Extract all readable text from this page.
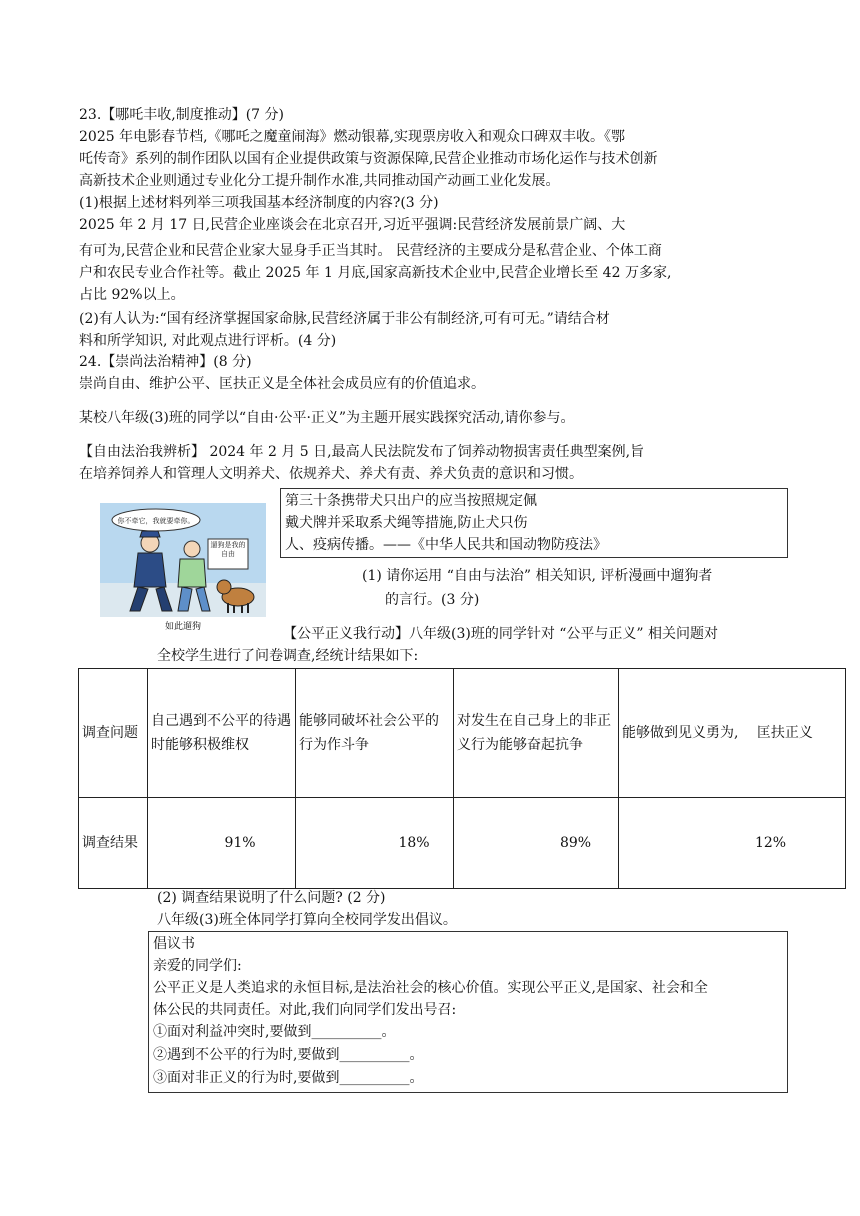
23.【哪吒丰收,制度推动】(7 分)
2025 年电影春节档,《哪吒之魔童闹海》燃动银幕,实现票房收入和观众口碑双丰收。《鄂
吒传奇》系列的制作团队以国有企业提供政策与资源保障,民营企业推动市场化运作与技术创新
高新技术企业则通过专业化分工提升制作水准,共同推动国产动画工业化发展。
(1)根据上述材料列举三项我国基本经济制度的内容?(3 分)
2025 年 2 月 17 日,民营企业座谈会在北京召开,习近平强调:民营经济发展前景广阔、大
有可为,民营企业和民营企业家大显身手正当其时。 民营经济的主要成分是私营企业、个体工商
户和农民专业合作社等。截止 2025 年 1 月底,国家高新技术企业中,民营企业增长至 42 万多家,
占比 92%以上。
(2)有人认为:“国有经济掌握国家命脉,民营经济属于非公有制经济,可有可无。”请结合材
料和所学知识, 对此观点进行评析。(4 分)
24.【崇尚法治精神】(8 分)
崇尚自由、维护公平、匡扶正义是全体社会成员应有的价值追求。
某校八年级(3)班的同学以“自由·公平·正义”为主题开展实践探究活动,请你参与。
【自由法治我辨析】 2024 年 2 月 5 日,最高人民法院发布了饲养动物损害责任典型案例,旨
在培养饲养人和管理人文明养犬、依规养犬、养犬有责、养犬负责的意识和习惯。
你不牵它，我就要牵你。
遛狗是我的自由
如此遛狗
第三十条携带犬只出户的应当按照规定佩
戴犬牌并采取系犬绳等措施,防止犬只伤
人、疫病传播。——《中华人民共和国动物防疫法》
(1) 请你运用 “自由与法治” 相关知识, 评析漫画中遛狗者
的言行。(3 分)
【公平正义我行动】八年级(3)班的同学针对 “公平与正义” 相关问题对
全校学生进行了问卷调查,经统计结果如下:
调查问题	自己遇到不公平的待遇时能够积极维权	能够同破坏社会公平的行为作斗争	对发生在自己身上的非正义行为能够奋起抗争	能够做到见义勇为,　 匡扶正义
调查结果	91%	18%	89%	12%
(2) 调查结果说明了什么问题? (2 分)
八年级(3)班全体同学打算向全校同学发出倡议。
倡议书
亲爱的同学们:
公平正义是人类追求的永恒目标,是法治社会的核心价值。实现公平正义,是国家、社会和全
体公民的共同责任。对此,我们向同学们发出号召:
①面对利益冲突时,要做到__________。
②遇到不公平的行为时,要做到__________。
③面对非正义的行为时,要做到__________。
